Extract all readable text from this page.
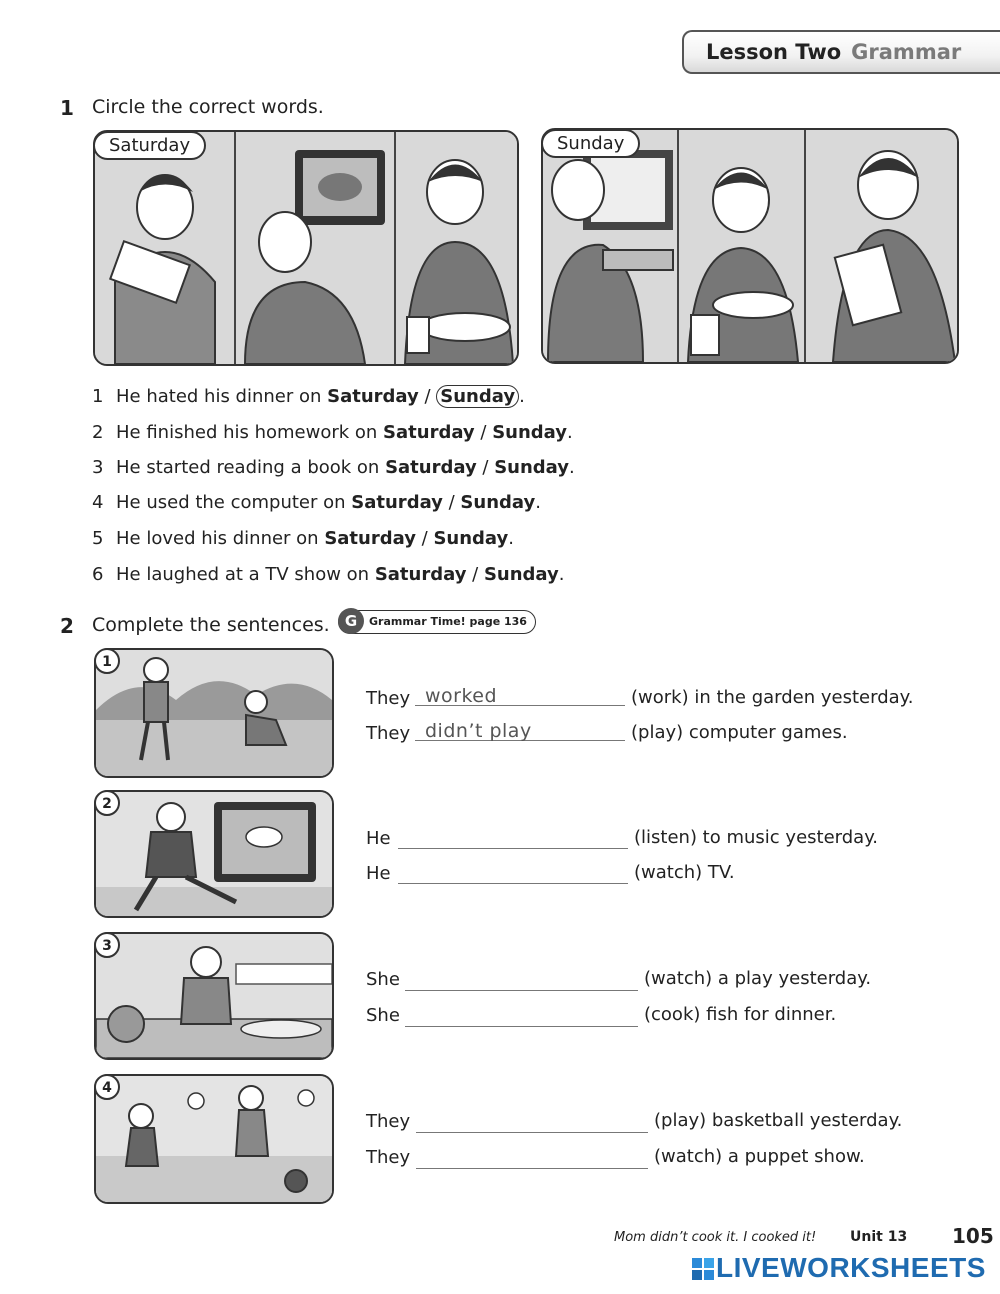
Lesson Two Grammar
1 Circle the correct words.
Saturday	Sunday
1 He hated his dinner on Saturday / Sunday .
2 He finished his homework on Saturday / Sunday.
3 He started reading a book on Saturday / Sunday.
4 He used the computer on Saturday / Sunday.
5 He loved his dinner on Saturday / Sunday.
6 He laughed at a TV show on Saturday / Sunday.
2 Complete the sentences.	Grammar Time! page 136
G
1
2
3
4
They worked	(work) in the garden yesterday.
They didn’t play	(play) computer games.
He	(listen) to music yesterday.
He	(watch) TV.
She	(watch) a play yesterday.
She	(cook) fish for dinner.
They	(play) basketball yesterday.
They	(watch) a puppet show.
Mom didn’t cook it. I cooked it! Unit 13 105
LIVEWORKSHEETS
